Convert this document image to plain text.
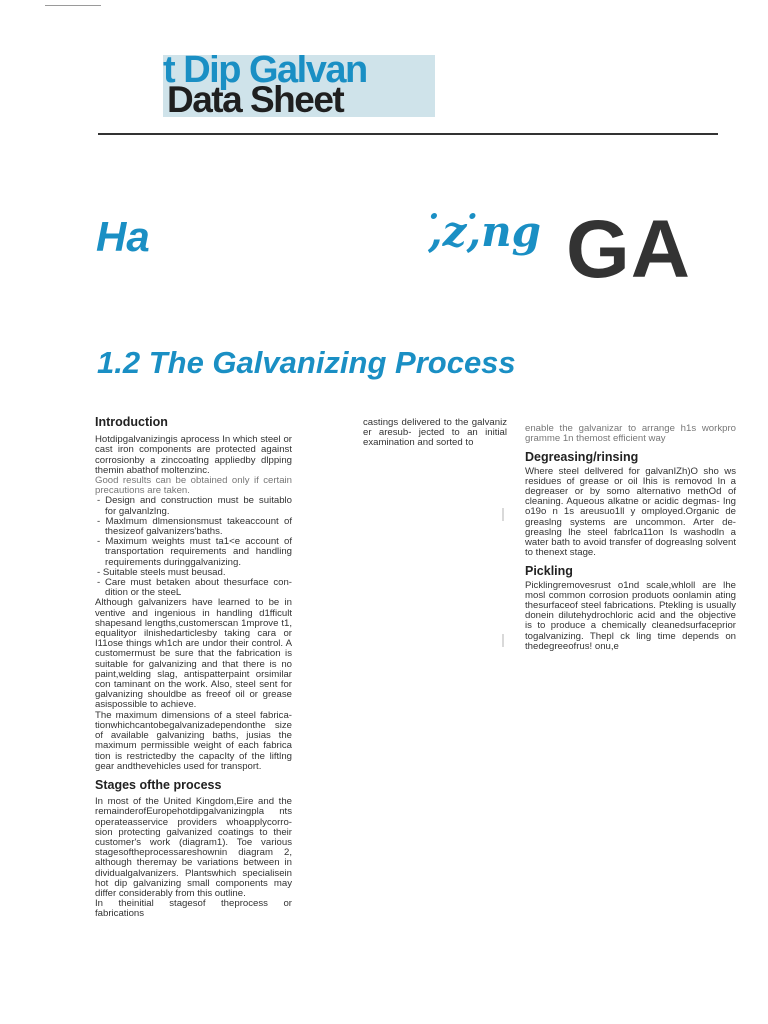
t Dip Galvan
Data Sheet
Ha	,̇z,̇ng GA
1.2 The Galvanizing Process
Introduction

Hotdipgalvanizingis aprocess In which steel or cast iron components are protected against corrosionby a zinccoatlng appliedby dlpping themin abathof moltenzinc.

Good results can be obtained only if certain precautions are taken.

- Design and construction must be suitablo for galvanlzlng.
- Maxlmum dlmensionsmust takeaccount of thesizeof galvanizers'baths.
- Maximum weights must ta1<e account of transportation requirements and handling requirements duringgalvanizing.
- Suitable steels must beusad.
- Care must betaken about thesurface con- dition or the steeL

Although galvanizers have learned to be in ventive and ingenious in handling d1fficult shapesand lengths,customerscan 1mprove t1, equalityor ilnishedarticlesby taking cara or I11ose things wh1ch are undor their control. A customermust be sure that the fabrication is suitable for galvanizing and that there is no paint,welding slag, antispatterpaint orsimilar con taminant on the work. Also, steel sent for galvanizing shouldbe as freeof oil or grease asispossible to achieve.

The maximum dimensions of a steel fabrica- tionwhichcantobegalvanizadependonthe size of available galvanizing baths, jusias the maximum permissible weight of each fabrica tion is restrictedby the capacIty of the liftlng gear andthevehicles used for transport.

Stages ofthe process

In most of the United Kingdom,Eire and the remainderofEuropehotdipgalvanizingpla nts operateasservice providers whoapplycorro- sion protecting galvanized coatings to their customer's work (diagram1). Toe various stagesoftheprocessareshownin diagram 2, although theremay be variations between in dividualgalvanizers. Plantswhich specialisein hot dip galvanizing small components may differ considerably from this outline.

In theinitial stagesof theprocess or fabrications

castings delivered to the galvaniz er aresub- jected to an initial examination and sorted to

enable the galvanizar to arrange h1s workpro gramme 1n themost efficient way

Degreasing/rinsing

Where steel dellvered for galvanIZh)O sho ws residues of grease or oil Ihis is removod In a degreaser or by somo alternativo methOd of cleaning. Aqueous alkatne or acidic degmas- lng o19o n 1s areusuo1ll y omployed.Organic de greaslng systems are uncommon. Arter de- greaslng lhe steel fabrlca11on Is washodln a water bath to avoid transfer of dogreaslng solvent to thenext stage.

Pickling

Picklingremovesrust o1nd scale,whloll are lhe mosl common corrosion produots oonlamin ating thesurfaceof steel fabrications. Ptekling is usually donein dilutehydrochloric acid and the objective is to produce a chemically cleanedsurfaceprior togalvanizing. Thepl ck ling time depends on thedegreeofrus! onu,e
